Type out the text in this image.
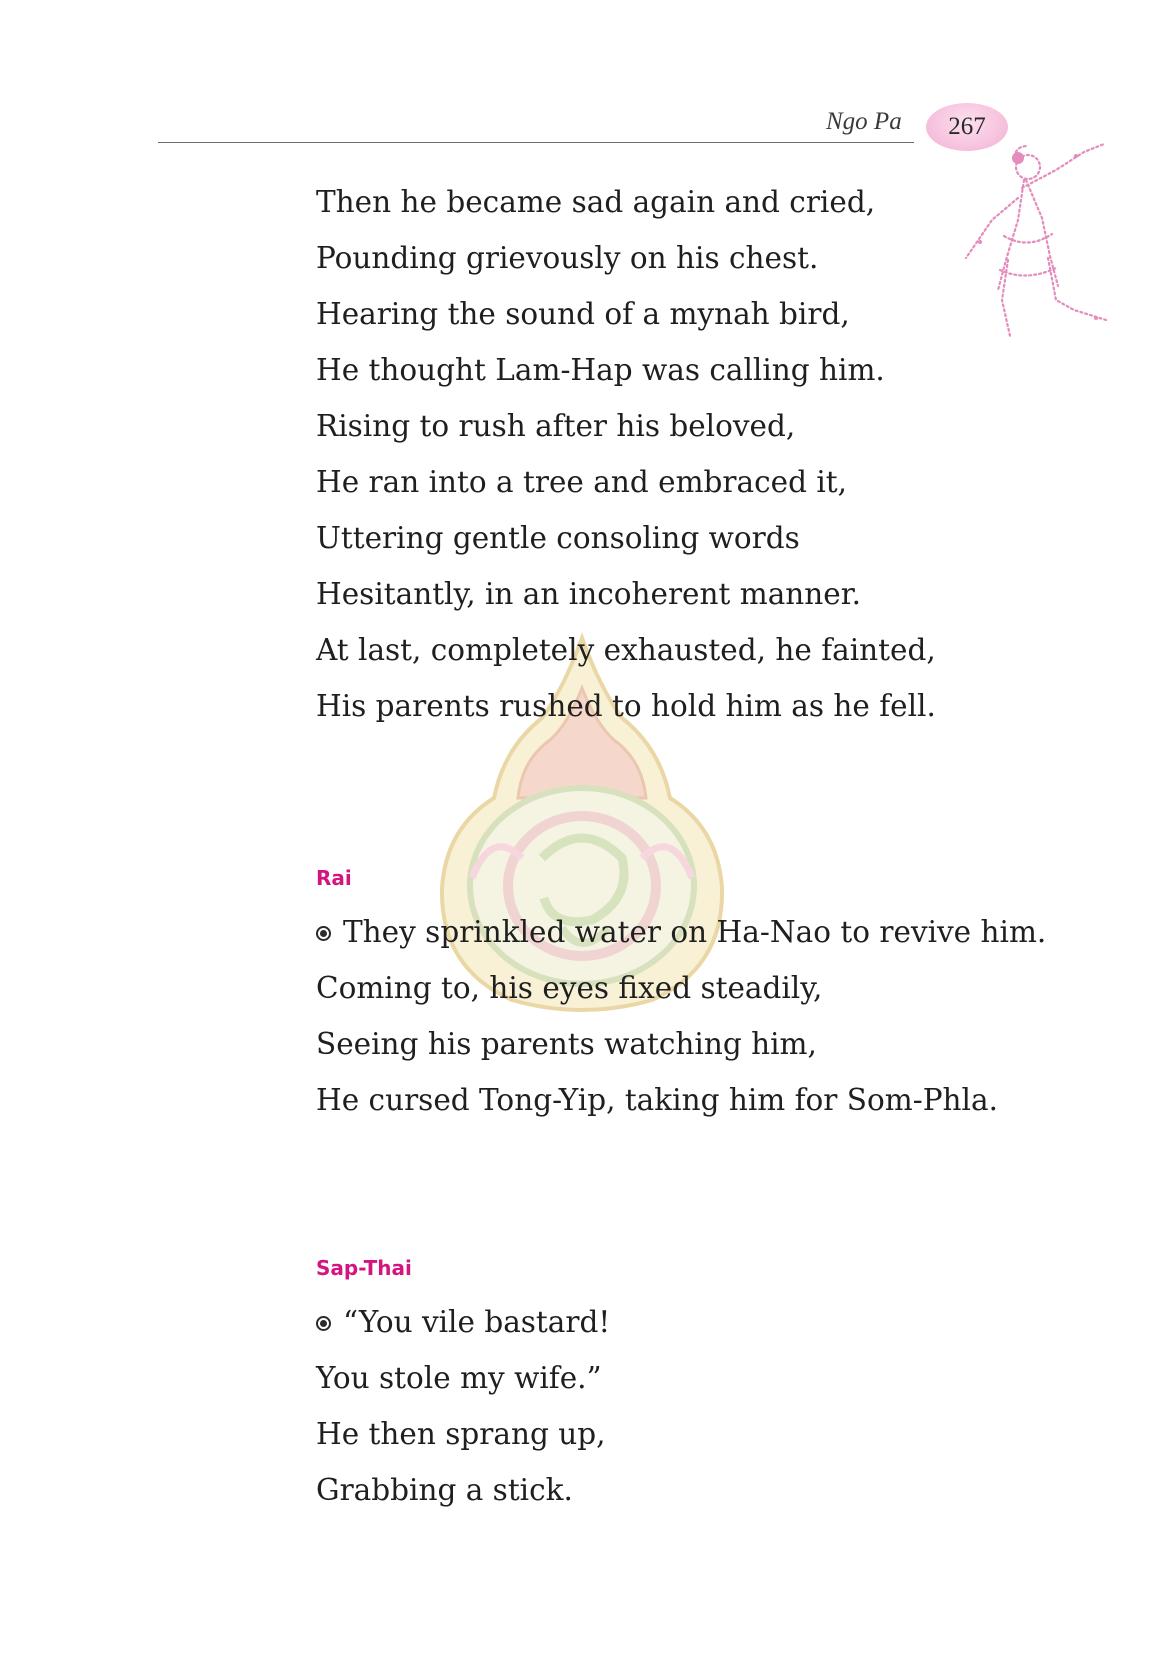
Ngo Pa 267
Then he became sad again and cried,
Pounding grievously on his chest.
Hearing the sound of a mynah bird,
He thought Lam-Hap was calling him.
Rising to rush after his beloved,
He ran into a tree and embraced it,
Uttering gentle consoling words
Hesitantly, in an incoherent manner.
At last, completely exhausted, he fainted,
His parents rushed to hold him as he fell.
Rai
They sprinkled water on Ha-Nao to revive him.
Coming to, his eyes fixed steadily,
Seeing his parents watching him,
He cursed Tong-Yip, taking him for Som-Phla.
Sap-Thai
“You vile bastard!
You stole my wife.”
He then sprang up,
Grabbing a stick.
